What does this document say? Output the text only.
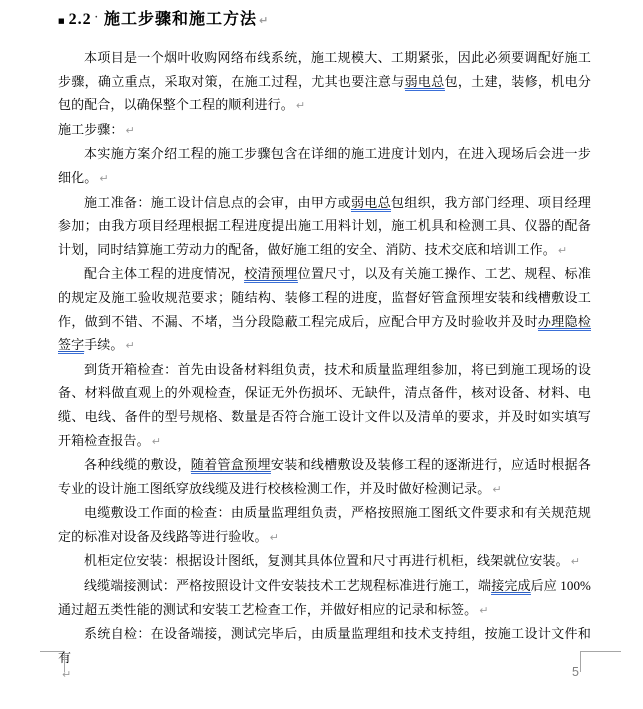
■ 2.2 · 施工步骤和施工方法 ↵

本项目是一个烟叶收购网络布线系统，施工规模大、工期紧张，因此必须要调配好施工步骤，确立重点，采取对策，在施工过程，尤其也要注意与弱电总包，土建，装修，机电分包的配合，以确保整个工程的顺利进行。 ↵

施工步骤： ↵

本实施方案介绍工程的施工步骤包含在详细的施工进度计划内，在进入现场后会进一步细化。 ↵

施工准备：施工设计信息点的会审，由甲方或弱电总包组织，我方部门经理、项目经理参加；由我方项目经理根据工程进度提出施工用料计划，施工机具和检测工具、仪器的配备计划，同时结算施工劳动力的配备，做好施工组的安全、消防、技术交底和培训工作。 ↵

配合主体工程的进度情况，校清预埋位置尺寸，以及有关施工操作、工艺、规程、标准的规定及施工验收规范要求；随结构、装修工程的进度，监督好管盒预埋安装和线槽敷设工作，做到不错、不漏、不堵，当分段隐蔽工程完成后，应配合甲方及时验收并及时办理隐检签字手续。 ↵

到货开箱检查：首先由设备材料组负责，技术和质量监理组参加，将已到施工现场的设备、材料做直观上的外观检查，保证无外伤损坏、无缺件，清点备件，核对设备、材料、电缆、电线、备件的型号规格、数量是否符合施工设计文件以及清单的要求，并及时如实填写开箱检查报告。 ↵

各种线缆的敷设，随着管盒预埋安装和线槽敷设及装修工程的逐渐进行，应适时根据各专业的设计施工图纸穿放线缆及进行校核检测工作，并及时做好检测记录。 ↵

电缆敷设工作面的检查：由质量监理组负责，严格按照施工图纸文件要求和有关规范规定的标准对设备及线路等进行验收。 ↵

机柜定位安装：根据设计图纸，复测其具体位置和尺寸再进行机柜，线架就位安装。 ↵

线缆端接测试：严格按照设计文件安装技术工艺规程标准进行施工，端接完成后应 100%通过超五类性能的测试和安装工艺检查工作，并做好相应的记录和标签。 ↵

系统自检：在设备端接，测试完毕后，由质量监理组和技术支持组，按施工设计文件和有

↵	5
